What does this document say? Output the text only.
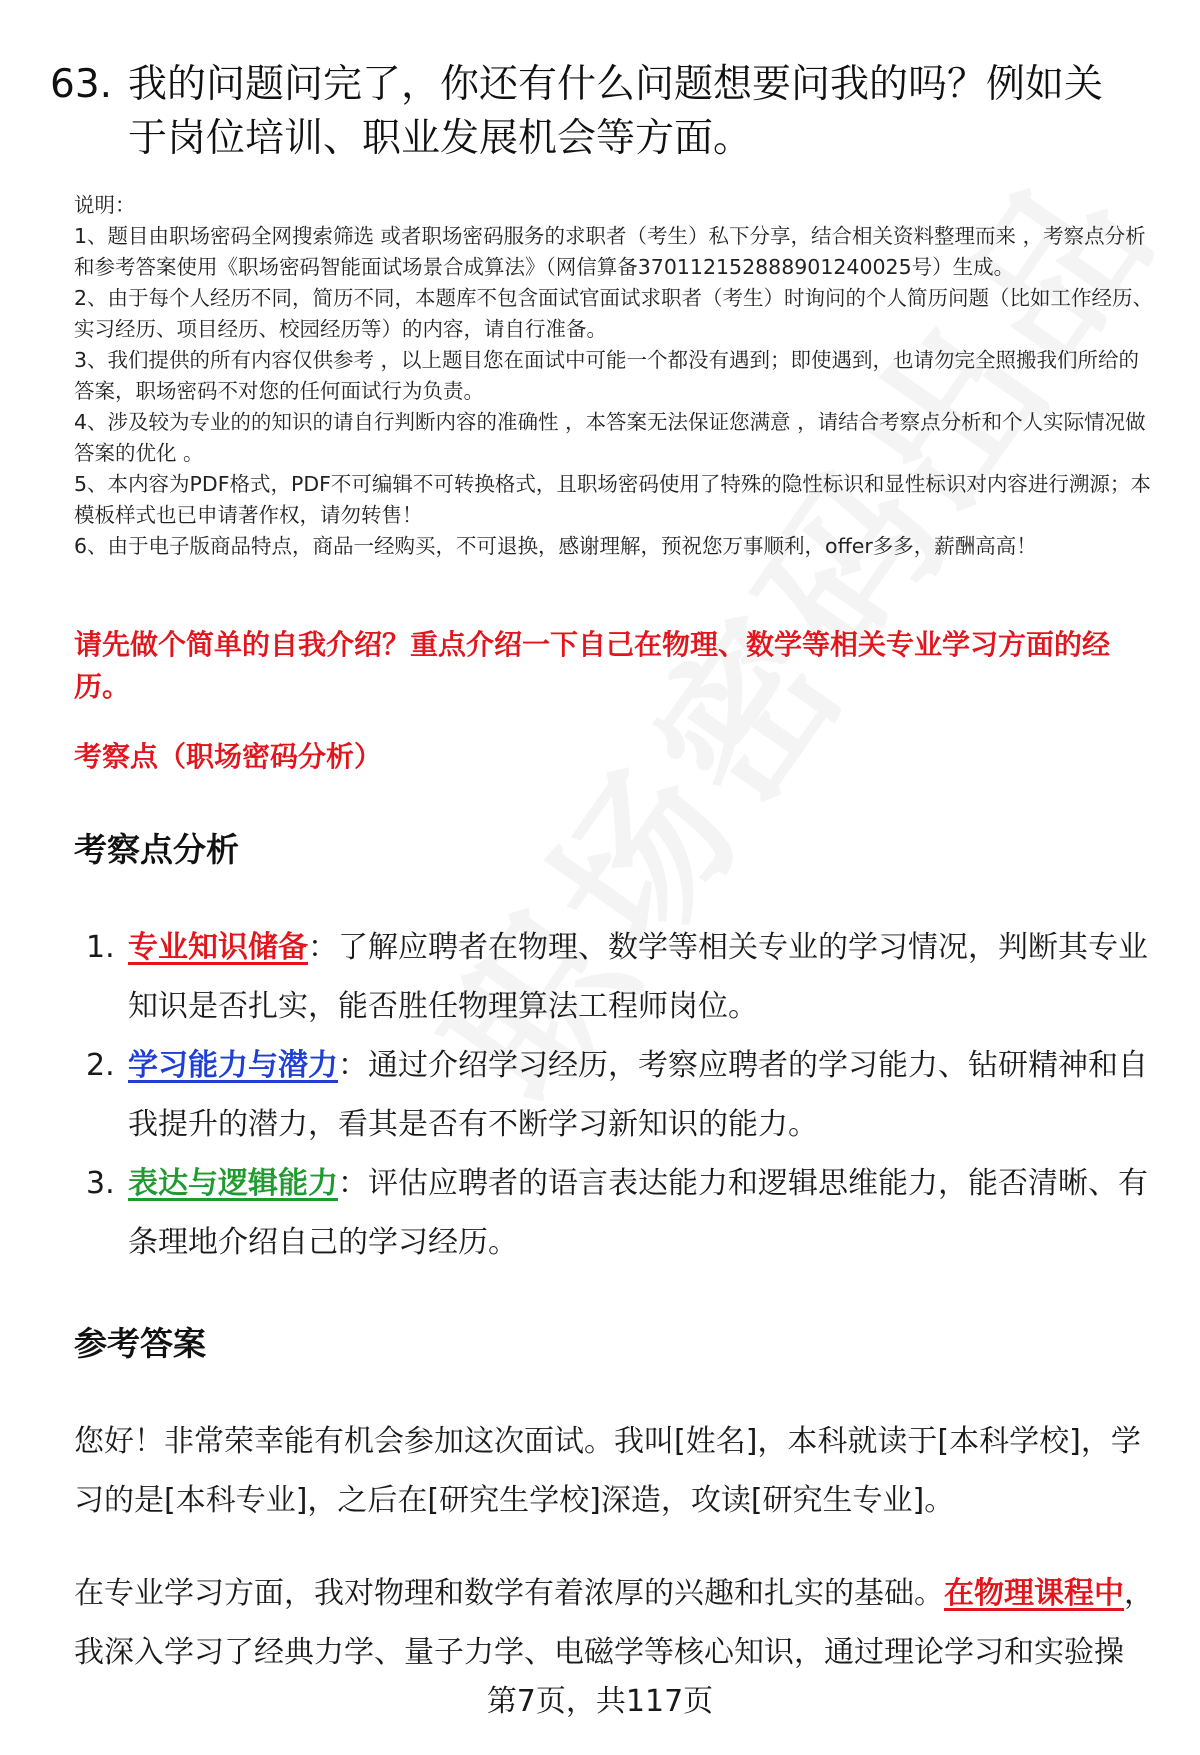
63. 我的问题问完了，你还有什么问题想要问我的吗？例如关于岗位培训、职业发展机会等方面。
说明：
1、题目由职场密码全网搜索筛选 或者职场密码服务的求职者（考生）私下分享，结合相关资料整理而来 ，考察点分析和参考答案使用《职场密码智能面试场景合成算法》（网信算备370112152888901240025号）生成。
2、由于每个人经历不同，简历不同，本题库不包含面试官面试求职者（考生）时询问的个人简历问题（比如工作经历、实习经历、项目经历、校园经历等）的内容，请自行准备。
3、我们提供的所有内容仅供参考 ，以上题目您在面试中可能一个都没有遇到；即使遇到，也请勿完全照搬我们所给的答案，职场密码不对您的任何面试行为负责。
4、涉及较为专业的的知识的请自行判断内容的准确性 ，本答案无法保证您满意 ，请结合考察点分析和个人实际情况做答案的优化 。
5、本内容为PDF格式，PDF不可编辑不可转换格式，且职场密码使用了特殊的隐性标识和显性标识对内容进行溯源；本模板样式也已申请著作权，请勿转售！
6、由于电子版商品特点，商品一经购买，不可退换，感谢理解，预祝您万事顺利，offer多多，薪酬高高！
请先做个简单的自我介绍？重点介绍一下自己在物理、数学等相关专业学习方面的经历。
考察点（职场密码分析）
考察点分析
1. 专业知识储备：了解应聘者在物理、数学等相关专业的学习情况，判断其专业知识是否扎实，能否胜任物理算法工程师岗位。
2. 学习能力与潜力：通过介绍学习经历，考察应聘者的学习能力、钻研精神和自我提升的潜力，看其是否有不断学习新知识的能力。
3. 表达与逻辑能力：评估应聘者的语言表达能力和逻辑思维能力，能否清晰、有条理地介绍自己的学习经历。
参考答案
您好！非常荣幸能有机会参加这次面试。我叫[姓名]，本科就读于[本科学校]，学习的是[本科专业]，之后在[研究生学校]深造，攻读[研究生专业]。
在专业学习方面，我对物理和数学有着浓厚的兴趣和扎实的基础。在物理课程中，我深入学习了经典力学、量子力学、电磁学等核心知识，通过理论学习和实验操
第7页，共117页
